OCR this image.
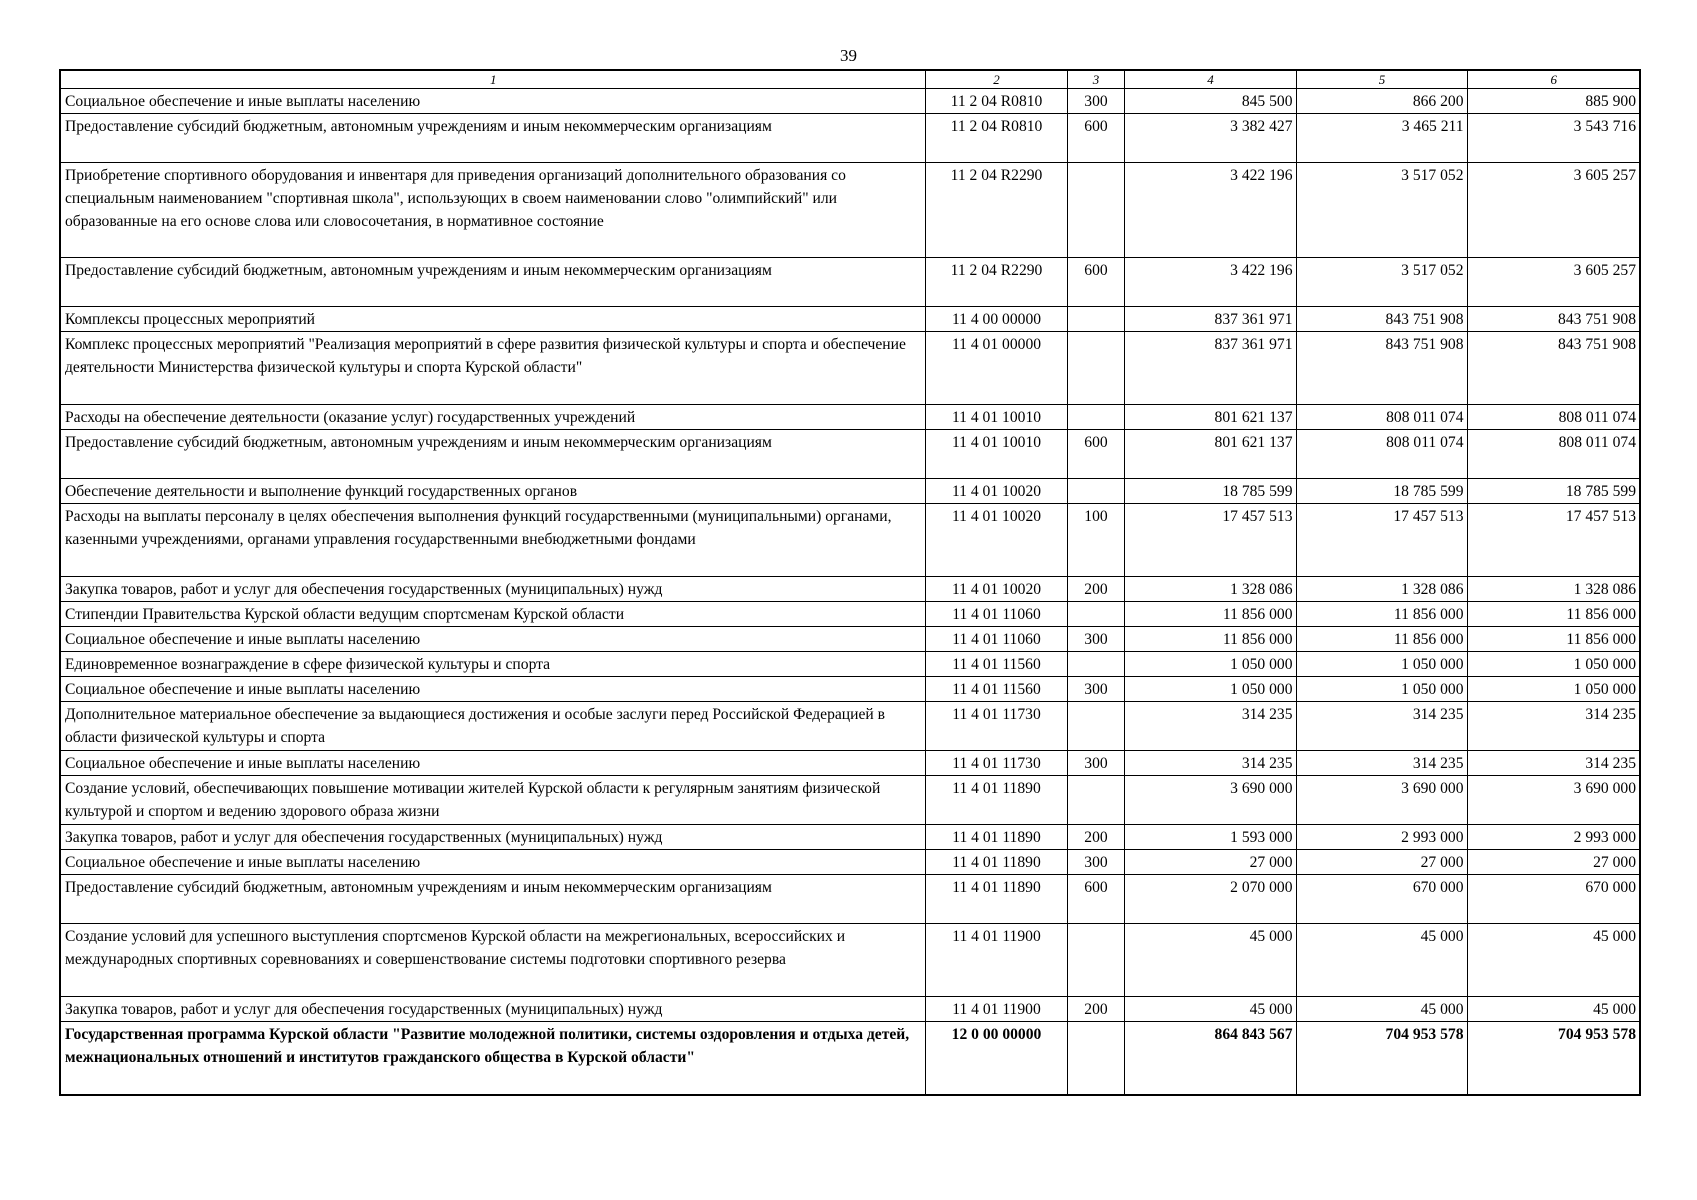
39
1	2	3	4	5	6
Социальное обеспечение и иные выплаты населению	11 2 04 R0810	300	845 500	866 200	885 900
Предоставление субсидий бюджетным, автономным учреждениям и иным некоммерческим организациям	11 2 04 R0810	600	3 382 427	3 465 211	3 543 716
Приобретение спортивного оборудования и инвентаря для приведения организаций дополнительного образования со специальным наименованием "спортивная школа", использующих в своем наименовании слово "олимпийский" или образованные на его основе слова или словосочетания, в нормативное состояние	11 2 04 R2290		3 422 196	3 517 052	3 605 257
Предоставление субсидий бюджетным, автономным учреждениям и иным некоммерческим организациям	11 2 04 R2290	600	3 422 196	3 517 052	3 605 257
Комплексы процессных мероприятий	11 4 00 00000		837 361 971	843 751 908	843 751 908
Комплекс процессных мероприятий "Реализация мероприятий в сфере развития физической культуры и спорта и обеспечение деятельности Министерства физической культуры и спорта Курской области"	11 4 01 00000		837 361 971	843 751 908	843 751 908
Расходы на обеспечение деятельности (оказание услуг) государственных учреждений	11 4 01 10010		801 621 137	808 011 074	808 011 074
Предоставление субсидий бюджетным, автономным учреждениям и иным некоммерческим организациям	11 4 01 10010	600	801 621 137	808 011 074	808 011 074
Обеспечение деятельности и выполнение функций государственных органов	11 4 01 10020		18 785 599	18 785 599	18 785 599
Расходы на выплаты персоналу в целях обеспечения выполнения функций государственными (муниципальными) органами, казенными учреждениями, органами управления государственными внебюджетными фондами	11 4 01 10020	100	17 457 513	17 457 513	17 457 513
Закупка товаров, работ и услуг для обеспечения государственных (муниципальных) нужд	11 4 01 10020	200	1 328 086	1 328 086	1 328 086
Стипендии Правительства Курской области ведущим спортсменам Курской области	11 4 01 11060		11 856 000	11 856 000	11 856 000
Социальное обеспечение и иные выплаты населению	11 4 01 11060	300	11 856 000	11 856 000	11 856 000
Единовременное вознаграждение в сфере физической культуры и спорта	11 4 01 11560		1 050 000	1 050 000	1 050 000
Социальное обеспечение и иные выплаты населению	11 4 01 11560	300	1 050 000	1 050 000	1 050 000
Дополнительное материальное обеспечение за выдающиеся достижения и особые заслуги перед Российской Федерацией в области физической культуры и спорта	11 4 01 11730		314 235	314 235	314 235
Социальное обеспечение и иные выплаты населению	11 4 01 11730	300	314 235	314 235	314 235
Создание условий, обеспечивающих повышение мотивации жителей Курской области к регулярным занятиям физической культурой и спортом и ведению здорового образа жизни	11 4 01 11890		3 690 000	3 690 000	3 690 000
Закупка товаров, работ и услуг для обеспечения государственных (муниципальных) нужд	11 4 01 11890	200	1 593 000	2 993 000	2 993 000
Социальное обеспечение и иные выплаты населению	11 4 01 11890	300	27 000	27 000	27 000
Предоставление субсидий бюджетным, автономным учреждениям и иным некоммерческим организациям	11 4 01 11890	600	2 070 000	670 000	670 000
Создание условий для успешного выступления спортсменов Курской области на межрегиональных, всероссийских и международных спортивных соревнованиях и совершенствование системы подготовки спортивного резерва	11 4 01 11900		45 000	45 000	45 000
Закупка товаров, работ и услуг для обеспечения государственных (муниципальных) нужд	11 4 01 11900	200	45 000	45 000	45 000
Государственная программа Курской области "Развитие молодежной политики, системы оздоровления и отдыха детей, межнациональных отношений и институтов гражданского общества в Курской области"	12 0 00 00000		864 843 567	704 953 578	704 953 578
